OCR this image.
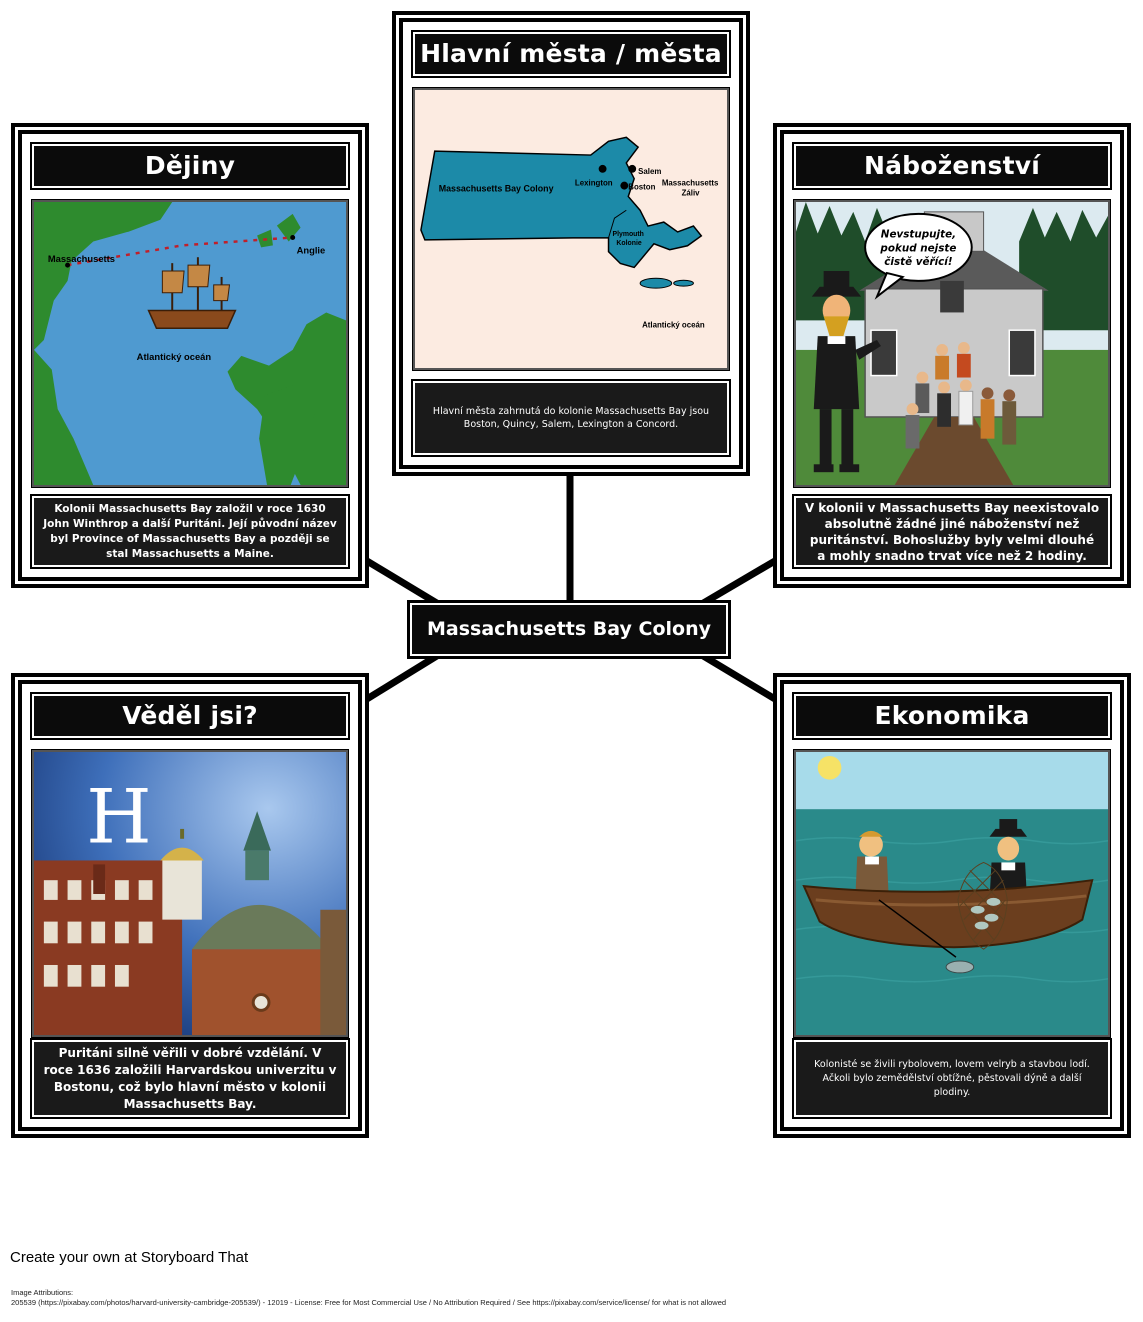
Hlavní města / města
Massachusetts Bay Colony
Salem
Lexington Boston Massachusetts
Záliv
Plymouth
Kolonie
Atlantický oceán
Hlavní města zahrnutá do kolonie Massachusetts Bay jsou Boston, Quincy, Salem, Lexington a Concord.
Dějiny
Massachusetts
Anglie
Atlantický oceán
Kolonii Massachusetts Bay založil v roce 1630 John Winthrop a další Puritáni. Její původní název byl Province of Massachusetts Bay a později se stal Massachusetts a Maine.
Náboženství
Nevstupujte,
pokud nejste
čistě věřící!
V kolonii v Massachusetts Bay neexistovalo absolutně žádné jiné náboženství než puritánství. Bohoslužby byly velmi dlouhé a mohly snadno trvat více než 2 hodiny.
Věděl jsi?
H
Puritáni silně věřili v dobré vzdělání. V roce 1636 založili Harvardskou univerzitu v Bostonu, což bylo hlavní město v kolonii Massachusetts Bay.
Ekonomika
Kolonisté se živili rybolovem, lovem velryb a stavbou lodí. Ačkoli bylo zemědělství obtížné, pěstovali dýně a další plodiny.
Massachusetts Bay Colony
Create your own at Storyboard That
Image Attributions:
205539 (https://pixabay.com/photos/harvard-university-cambridge-205539/) - 12019 - License: Free for Most Commercial Use / No Attribution Required / See https://pixabay.com/service/license/ for what is not allowed
